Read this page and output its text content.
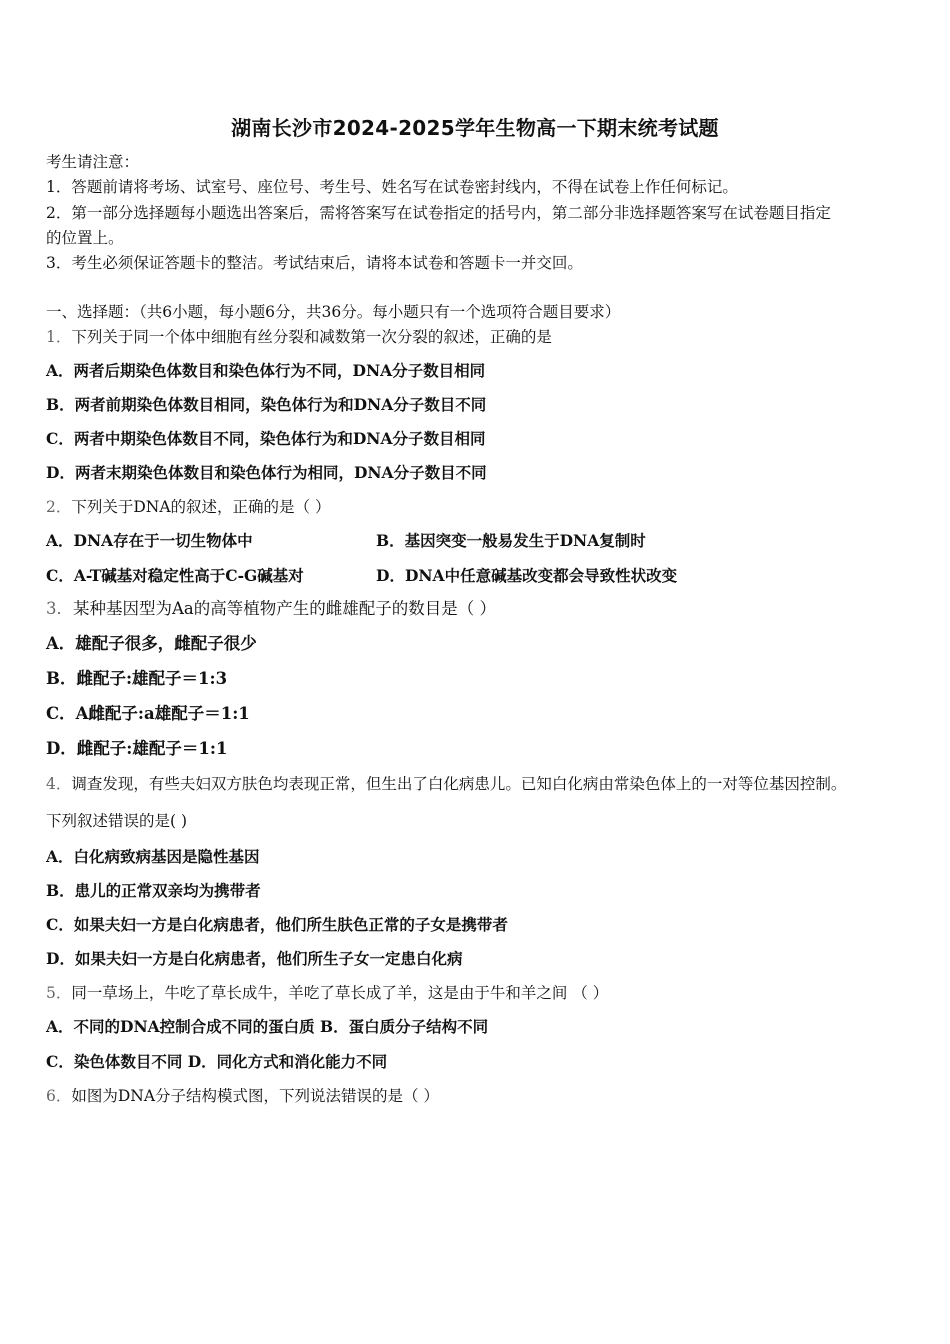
湖南长沙市2024-2025学年生物高一下期末统考试题
考生请注意：
1．答题前请将考场、试室号、座位号、考生号、姓名写在试卷密封线内，不得在试卷上作任何标记。
2．第一部分选择题每小题选出答案后，需将答案写在试卷指定的括号内，第二部分非选择题答案写在试卷题目指定
的位置上。
3．考生必须保证答题卡的整洁。考试结束后，请将本试卷和答题卡一并交回。
一、选择题：（共6小题，每小题6分，共36分。每小题只有一个选项符合题目要求）
1．下列关于同一个体中细胞有丝分裂和减数第一次分裂的叙述，正确的是
A．两者后期染色体数目和染色体行为不同，DNA分子数目相同
B．两者前期染色体数目相同，染色体行为和DNA分子数目不同
C．两者中期染色体数目不同，染色体行为和DNA分子数目相同
D．两者末期染色体数目和染色体行为相同，DNA分子数目不同
2．下列关于DNA的叙述，正确的是（ ）
A．DNA存在于一切生物体中	B．基因突变一般易发生于DNA复制时
C．A-T碱基对稳定性高于C-G碱基对	D．DNA中任意碱基改变都会导致性状改变
3．某种基因型为Aa的高等植物产生的雌雄配子的数目是（ ）
A．雄配子很多，雌配子很少
B．雌配子:雄配子＝1:3
C．A雌配子:a雄配子＝1:1
D．雌配子:雄配子＝1:1
4．调查发现，有些夫妇双方肤色均表现正常，但生出了白化病患儿。已知白化病由常染色体上的一对等位基因控制。
下列叙述错误的是( )
A．白化病致病基因是隐性基因
B．患儿的正常双亲均为携带者
C．如果夫妇一方是白化病患者，他们所生肤色正常的子女是携带者
D．如果夫妇一方是白化病患者，他们所生子女一定患白化病
5．同一草场上，牛吃了草长成牛，羊吃了草长成了羊，这是由于牛和羊之间 （ ）
A．不同的DNA控制合成不同的蛋白质 B．蛋白质分子结构不同
C．染色体数目不同 D．同化方式和消化能力不同
6．如图为DNA分子结构模式图，下列说法错误的是（ ）
